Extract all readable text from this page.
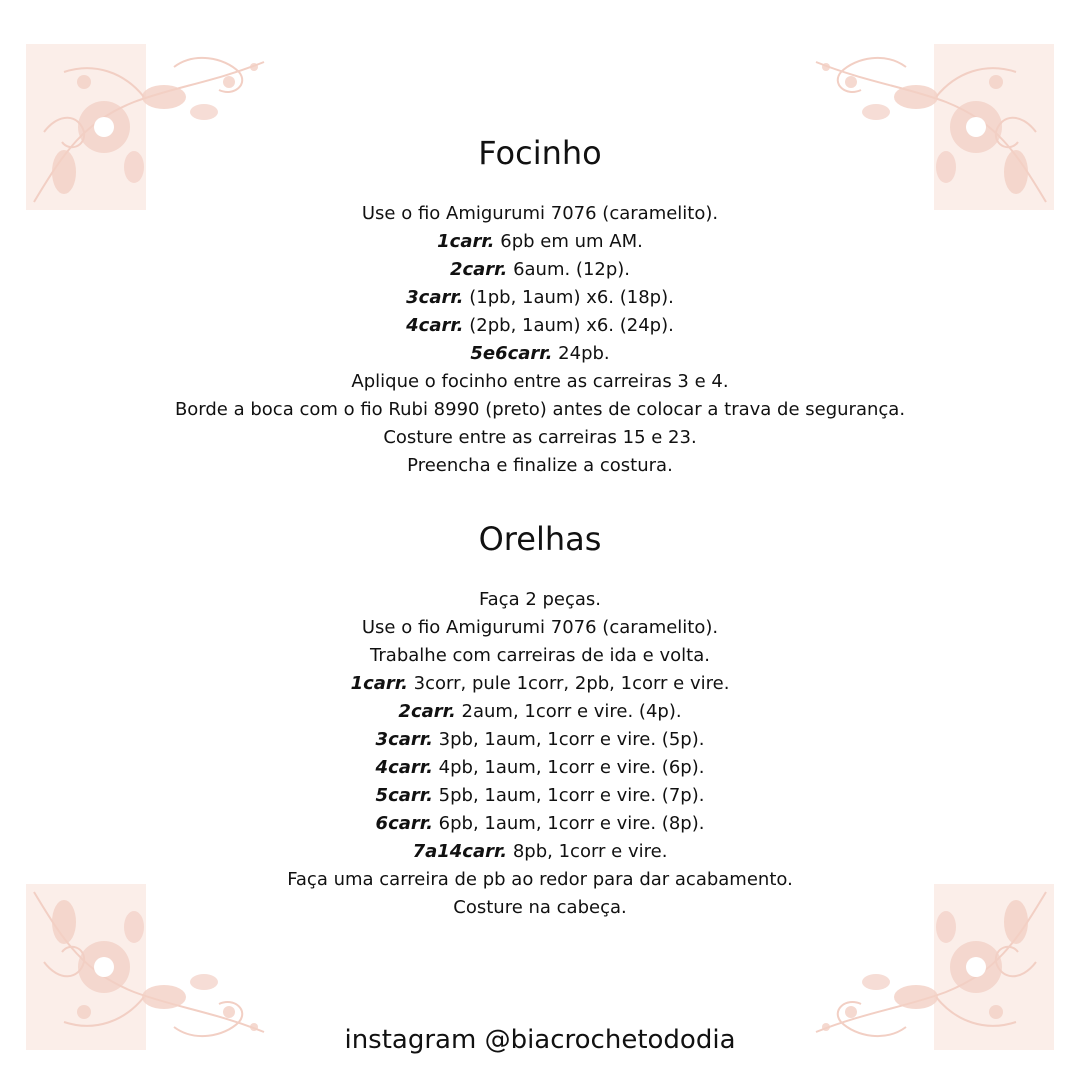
Focinho
Use o fio Amigurumi 7076 (caramelito).
1carr. 6pb em um AM.
2carr. 6aum. (12p).
3carr. (1pb, 1aum) x6. (18p).
4carr. (2pb, 1aum) x6. (24p).
5e6carr. 24pb.
Aplique o focinho entre as carreiras 3 e 4.
Borde a boca com o fio Rubi 8990 (preto) antes de colocar a trava de segurança.
Costure entre as carreiras 15 e 23.
Preencha e finalize a costura.
Orelhas
Faça 2 peças.
Use o fio Amigurumi 7076 (caramelito).
Trabalhe com carreiras de ida e volta.
1carr. 3corr, pule 1corr, 2pb, 1corr e vire.
2carr. 2aum, 1corr e vire. (4p).
3carr. 3pb, 1aum, 1corr e vire. (5p).
4carr. 4pb, 1aum, 1corr e vire. (6p).
5carr. 5pb, 1aum, 1corr e vire. (7p).
6carr. 6pb, 1aum, 1corr e vire. (8p).
7a14carr. 8pb, 1corr e vire.
Faça uma carreira de pb ao redor para dar acabamento.
Costure na cabeça.
instagram @biacrochetododia
